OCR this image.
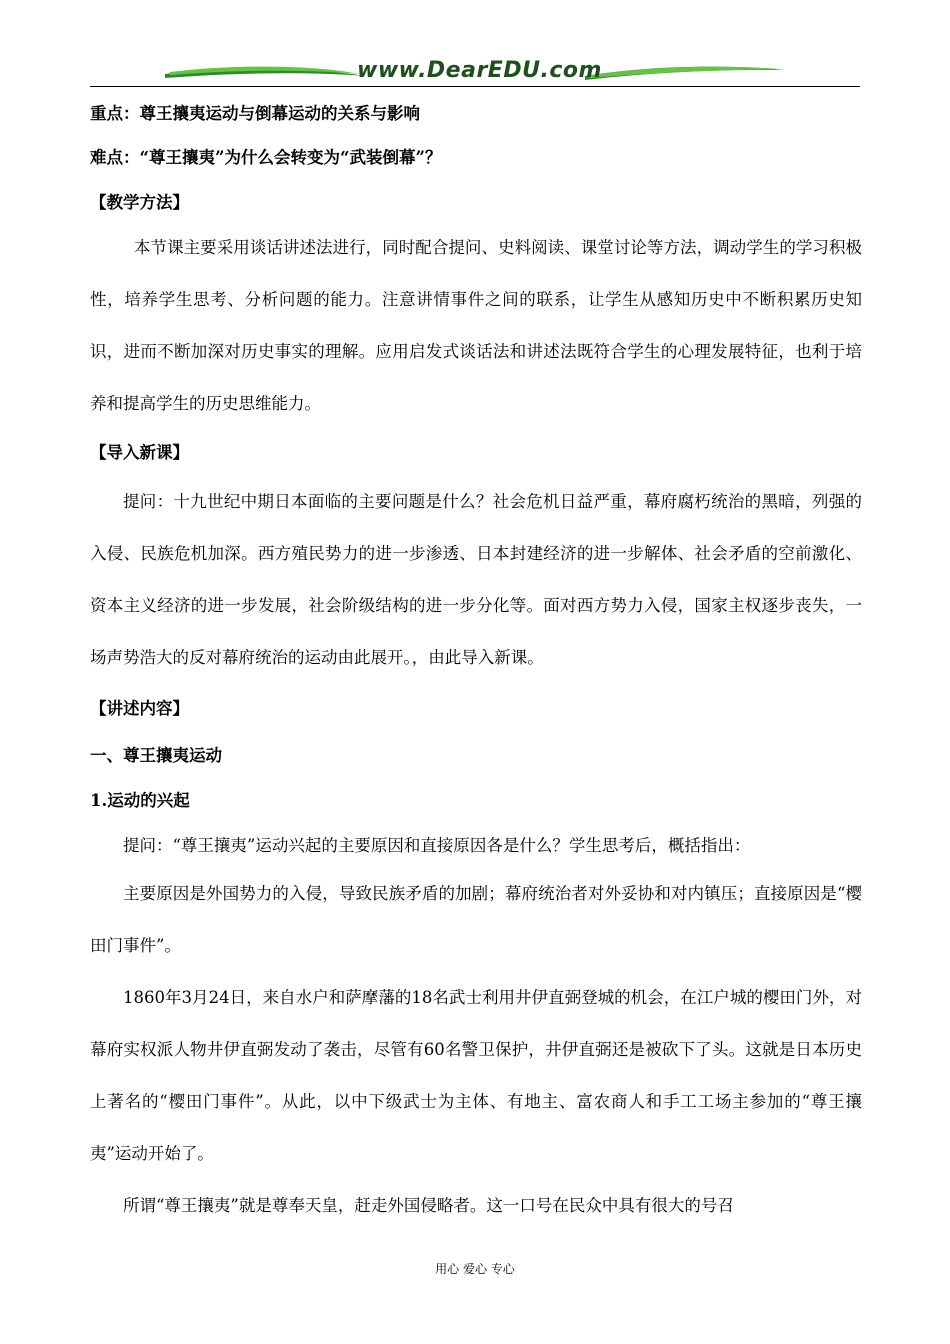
www.DearEDU.com

重点：尊王攘夷运动与倒幕运动的关系与影响

难点：“尊王攘夷”为什么会转变为“武装倒幕”？

【教学方法】

本节课主要采用谈话讲述法进行，同时配合提问、史料阅读、课堂讨论等方法，调动学生的学习积极性，培养学生思考、分析问题的能力。注意讲情事件之间的联系，让学生从感知历史中不断积累历史知识，进而不断加深对历史事实的理解。应用启发式谈话法和讲述法既符合学生的心理发展特征，也利于培养和提高学生的历史思维能力。

【导入新课】

提问：十九世纪中期日本面临的主要问题是什么？社会危机日益严重，幕府腐朽统治的黑暗，列强的入侵、民族危机加深。西方殖民势力的进一步渗透、日本封建经济的进一步解体、社会矛盾的空前激化、资本主义经济的进一步发展，社会阶级结构的进一步分化等。面对西方势力入侵，国家主权逐步丧失，一场声势浩大的反对幕府统治的运动由此展开。，由此导入新课。

【讲述内容】

一、尊王攘夷运动

1.运动的兴起

提问：“尊王攘夷”运动兴起的主要原因和直接原因各是什么？学生思考后，概括指出：

主要原因是外国势力的入侵，导致民族矛盾的加剧；幕府统治者对外妥协和对内镇压；直接原因是“樱田门事件”。

1860年3月24日，来自水户和萨摩藩的18名武士利用井伊直弼登城的机会，在江户城的樱田门外，对幕府实权派人物井伊直弼发动了袭击，尽管有60名警卫保护，井伊直弼还是被砍下了头。这就是日本历史上著名的“樱田门事件”。从此，以中下级武士为主体、有地主、富农商人和手工工场主参加的“尊王攘夷”运动开始了。

所谓“尊王攘夷”就是尊奉天皇，赶走外国侵略者。这一口号在民众中具有很大的号召

用心 爱心 专心
